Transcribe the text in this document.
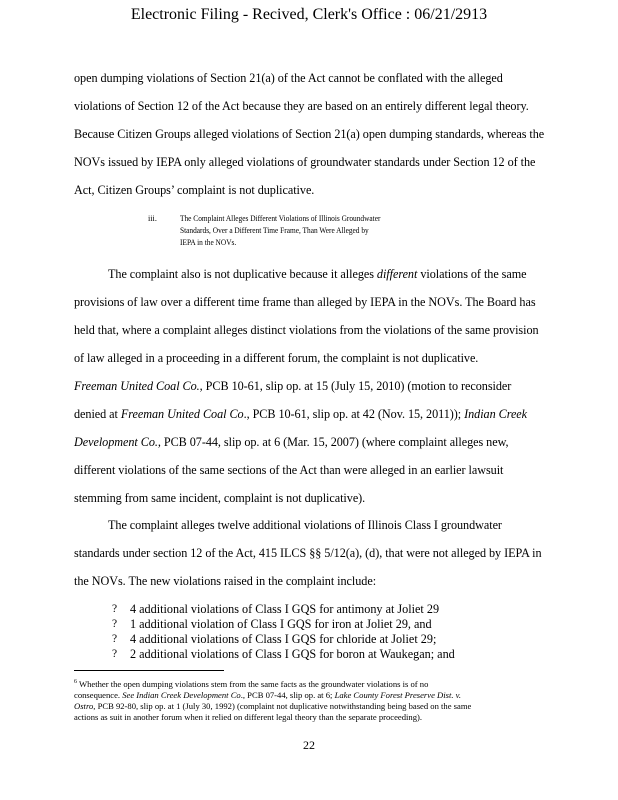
Electronic Filing - Recived, Clerk's Office : 06/21/2913
open dumping violations of Section 21(a) of the Act cannot be conflated with the alleged
violations of Section 12 of the Act because they are based on an entirely different legal theory.
Because Citizen Groups alleged violations of Section 21(a) open dumping standards, whereas the
NOVs issued by IEPA only alleged violations of groundwater standards under Section 12 of the
Act, Citizen Groups’ complaint is not duplicative.
iii.	The Complaint Alleges Different Violations of Illinois Groundwater
Standards, Over a Different Time Frame, Than Were Alleged by
IEPA in the NOVs.
The complaint also is not duplicative because it alleges different violations of the same
provisions of law over a different time frame than alleged by IEPA in the NOVs. The Board has
held that, where a complaint alleges distinct violations from the violations of the same provision
of law alleged in a proceeding in a different forum, the complaint is not duplicative.
Freeman United Coal Co., PCB 10-61, slip op. at 15 (July 15, 2010) (motion to reconsider
denied at Freeman United Coal Co., PCB 10-61, slip op. at 42 (Nov. 15, 2011)); Indian Creek
Development Co., PCB 07-44, slip op. at 6 (Mar. 15, 2007) (where complaint alleges new,
different violations of the same sections of the Act than were alleged in an earlier lawsuit
stemming from same incident, complaint is not duplicative).
The complaint alleges twelve additional violations of Illinois Class I groundwater
standards under section 12 of the Act, 415 ILCS §§ 5/12(a), (d), that were not alleged by IEPA in
the NOVs. The new violations raised in the complaint include:
? 4 additional violations of Class I GQS for antimony at Joliet 29
? 1 additional violation of Class I GQS for iron at Joliet 29, and
? 4 additional violations of Class I GQS for chloride at Joliet 29;
? 2 additional violations of Class I GQS for boron at Waukegan; and
$^6$ Whether the open dumping violations stem from the same facts as the groundwater violations is of no
consequence. See Indian Creek Development Co., PCB 07-44, slip op. at 6; Lake County Forest Preserve Dist. v.
Ostro, PCB 92-80, slip op. at 1 (July 30, 1992) (complaint not duplicative notwithstanding being based on the same
actions as suit in another forum when it relied on different legal theory than the separate proceeding).
22
